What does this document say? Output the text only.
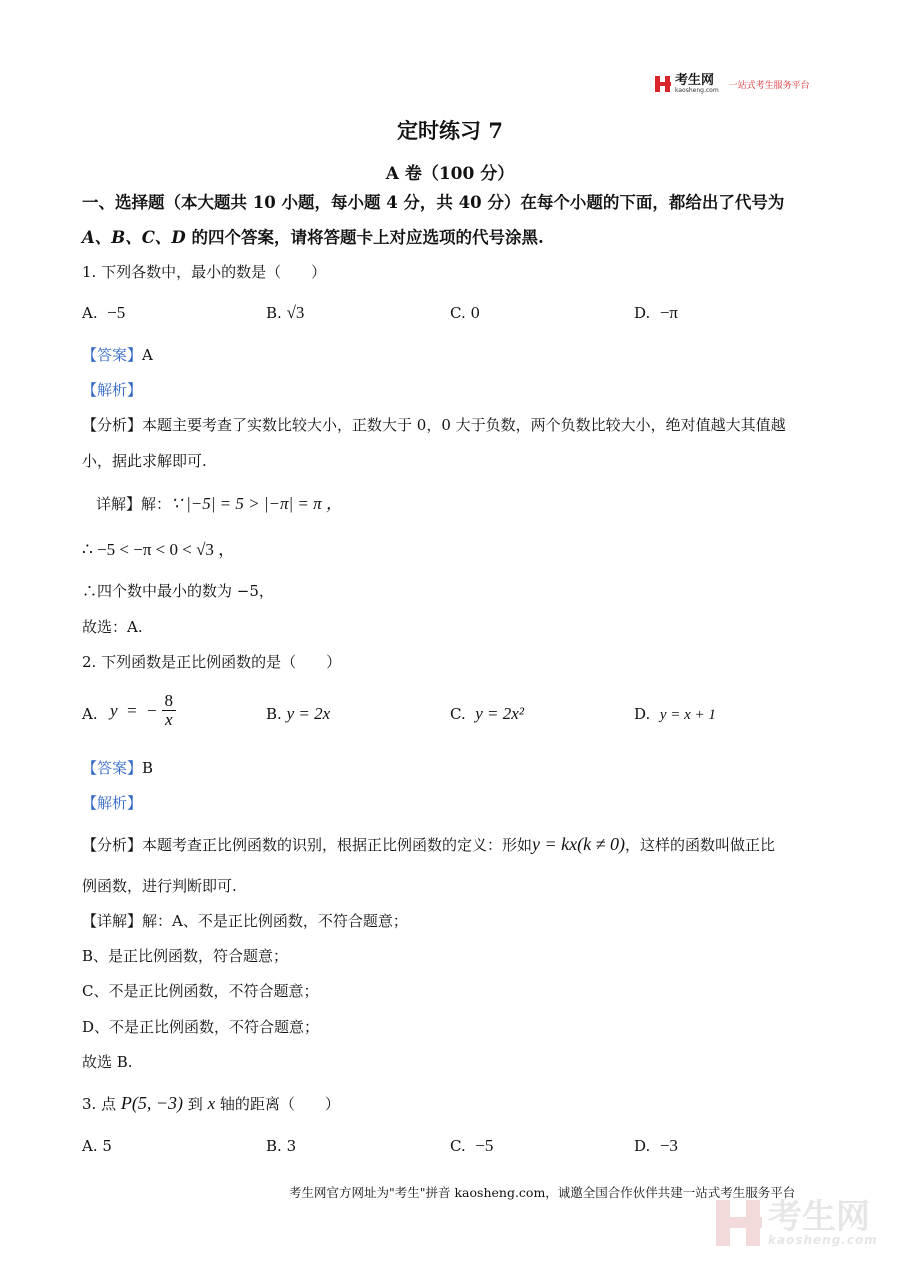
考生网
kaosheng.com 一站式考生服务平台
定时练习 7
A 卷（100 分）
一、选择题（本大题共 10 小题，每小题 4 分，共 40 分）在每个小题的下面，都给出了代号为
A、B、C、D 的四个答案，请将答题卡上对应选项的代号涂黑.
1. 下列各数中，最小的数是（　　）
A. −5	B. √3	C. 0	D. −π
【答案】A
【解析】
【分析】本题主要考查了实数比较大小，正数大于 0，0 大于负数，两个负数比较大小，绝对值越大其值越
小，据此求解即可.
详解】解：∵ |−5| = 5 > |−π| = π ，
∴ −5 < −π < 0 < √3 ，
∴四个数中最小的数为 −5，
故选：A.
2. 下列函数是正比例函数的是（　　）
A. y  =  − $\frac{8}{x}$	B. y = 2x	C. y = 2x²	D. y = x + 1
【答案】B
【解析】
【分析】本题考查正比例函数的识别，根据正比例函数的定义：形如y = kx(k ≠ 0)，这样的函数叫做正比
例函数，进行判断即可.
【详解】解：A、不是正比例函数，不符合题意；
B、是正比例函数，符合题意；
C、不是正比例函数，不符合题意；
D、不是正比例函数，不符合题意；
故选 B.
3. 点 P(5, −3) 到 x 轴的距离（　　）
A. 5	B. 3	C. −5	D. −3
考生网官方网址为"考生"拼音 kaosheng.com，诚邀全国合作伙伴共建一站式考生服务平台
考生网
kaosheng.com
